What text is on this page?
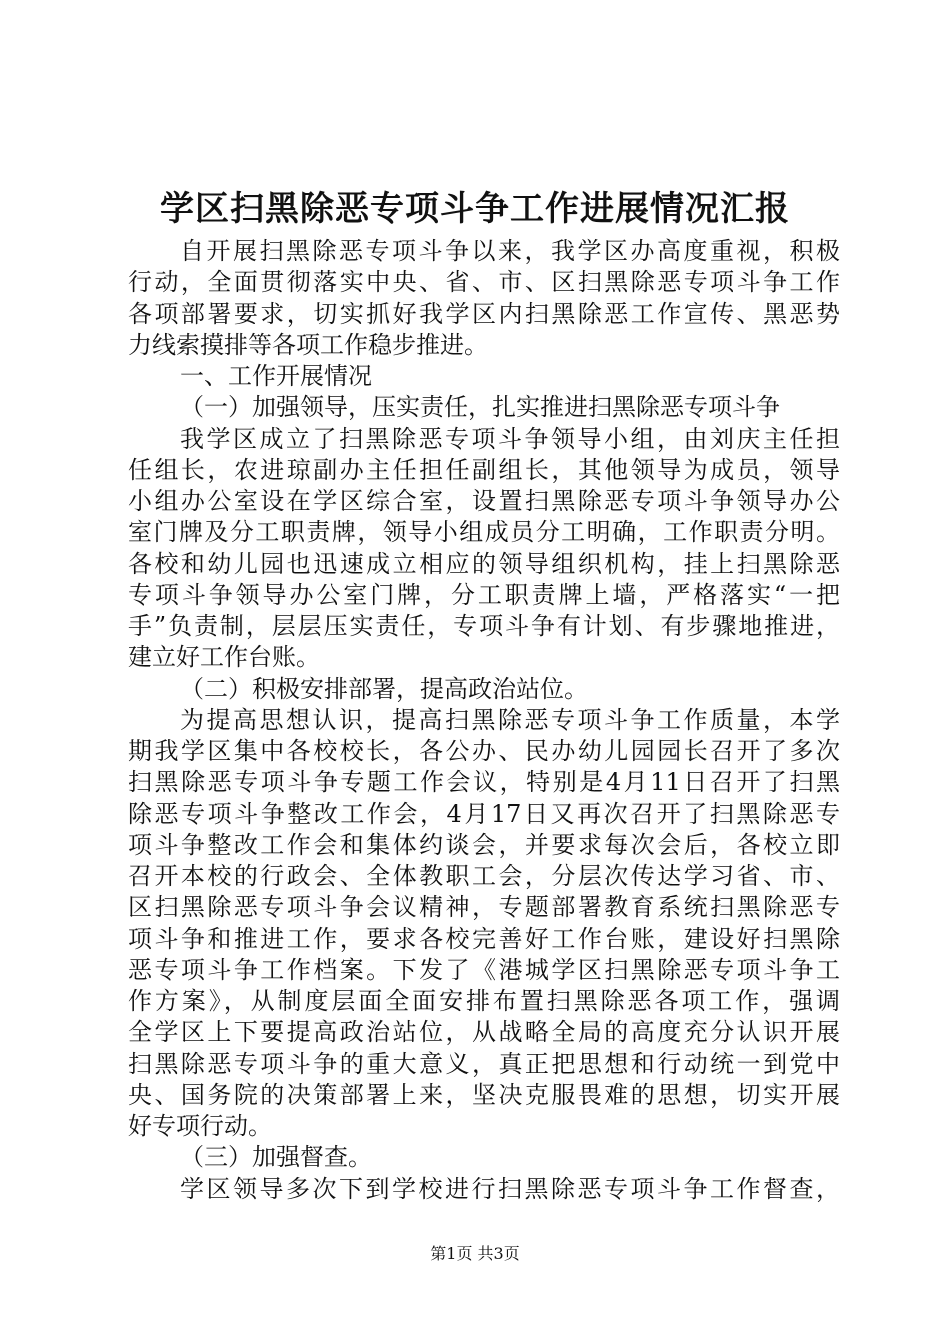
学区扫黑除恶专项斗争工作进展情况汇报
自开展扫黑除恶专项斗争以来，我学区办高度重视，积极
行动，全面贯彻落实中央、省、市、区扫黑除恶专项斗争工作
各项部署要求，切实抓好我学区内扫黑除恶工作宣传、黑恶势
力线索摸排等各项工作稳步推进。
一、工作开展情况
（一）加强领导，压实责任，扎实推进扫黑除恶专项斗争
我学区成立了扫黑除恶专项斗争领导小组，由刘庆主任担
任组长，农进琼副办主任担任副组长，其他领导为成员，领导
小组办公室设在学区综合室，设置扫黑除恶专项斗争领导办公
室门牌及分工职责牌，领导小组成员分工明确，工作职责分明。
各校和幼儿园也迅速成立相应的领导组织机构，挂上扫黑除恶
专项斗争领导办公室门牌，分工职责牌上墙，严格落实“一把
手”负责制，层层压实责任，专项斗争有计划、有步骤地推进，
建立好工作台账。
（二）积极安排部署，提高政治站位。
为提高思想认识，提高扫黑除恶专项斗争工作质量，本学
期我学区集中各校校长，各公办、民办幼儿园园长召开了多次
扫黑除恶专项斗争专题工作会议，特别是4月11日召开了扫黑
除恶专项斗争整改工作会，4月17日又再次召开了扫黑除恶专
项斗争整改工作会和集体约谈会，并要求每次会后，各校立即
召开本校的行政会、全体教职工会，分层次传达学习省、市、
区扫黑除恶专项斗争会议精神，专题部署教育系统扫黑除恶专
项斗争和推进工作，要求各校完善好工作台账，建设好扫黑除
恶专项斗争工作档案。下发了《港城学区扫黑除恶专项斗争工
作方案》，从制度层面全面安排布置扫黑除恶各项工作，强调
全学区上下要提高政治站位，从战略全局的高度充分认识开展
扫黑除恶专项斗争的重大意义，真正把思想和行动统一到党中
央、国务院的决策部署上来，坚决克服畏难的思想，切实开展
好专项行动。
（三）加强督查。
学区领导多次下到学校进行扫黑除恶专项斗争工作督查，
第1页 共3页
